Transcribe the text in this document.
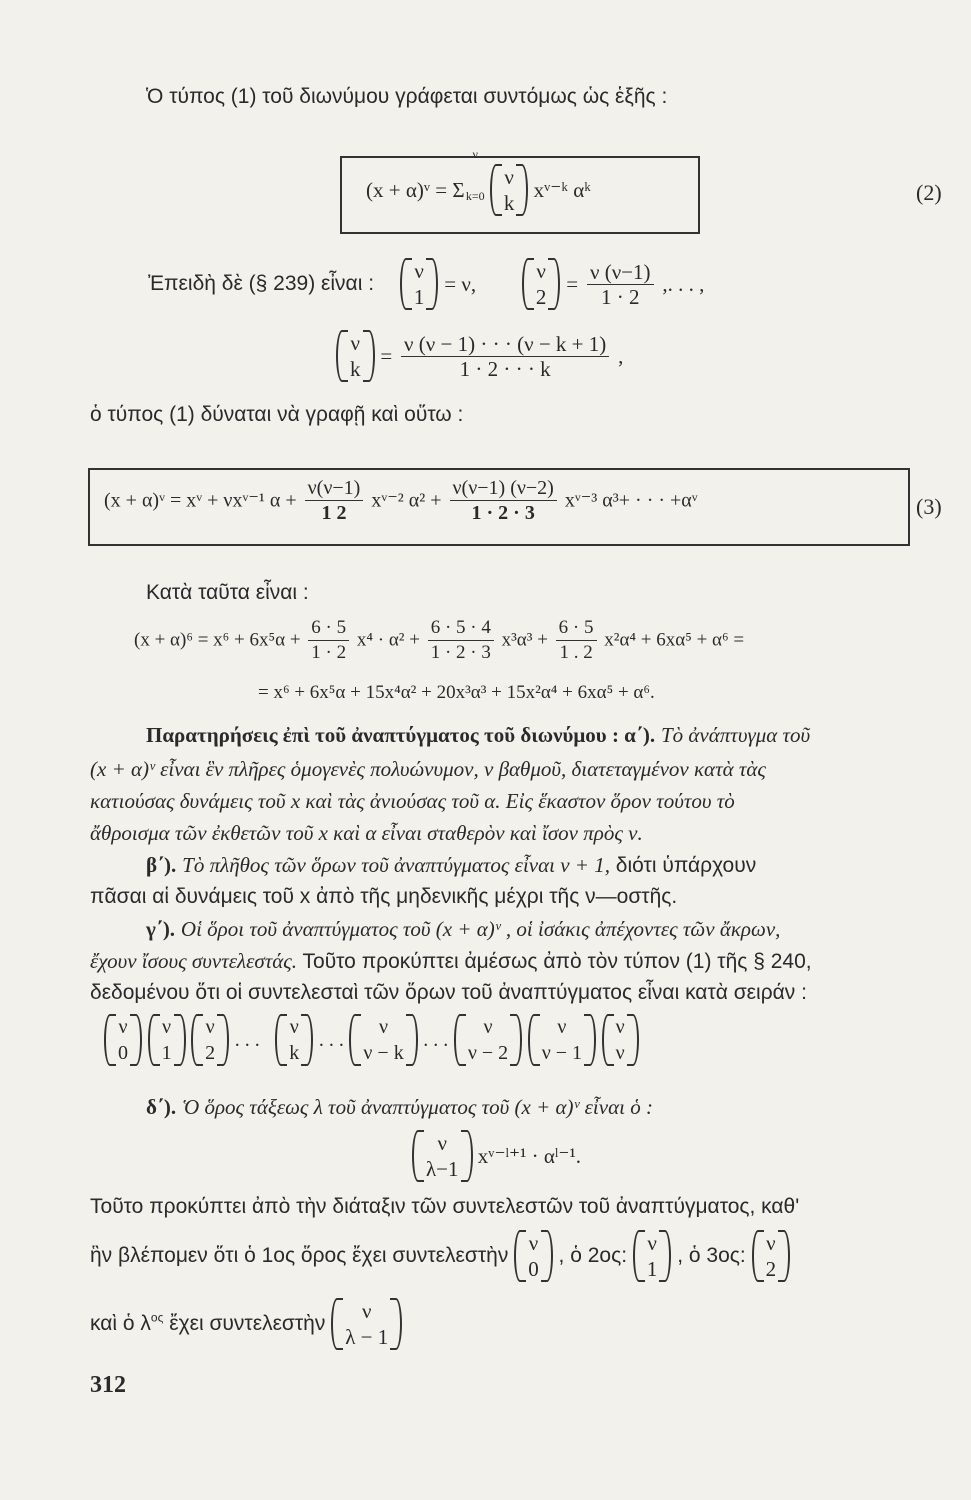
Ὁ τύπος (1) τοῦ διωνύμου γράφεται συντόμως ὡς ἑξῆς :
(x + α)ᵛ = Σ
ν
k=0

ν
k
xᵛ⁻ᵏ αᵏ	(2)
Ἐπειδὴ δὲ (§ 239) εἶναι :
ν
1
= ν,
ν
2
= $\frac{\nu (\nu-1)}{1 \cdot 2}$ ,. . . ,
ν
k
= $\frac{\nu (\nu - 1) \cdot \cdot \cdot (\nu - k + 1)}{1 \cdot 2 \cdot \cdot \cdot k}$ ,
ὁ τύπος (1) δύναται νὰ γραφῇ καὶ οὕτω :
(x + α)ᵛ = xᵛ + νxᵛ⁻¹ $\alpha + \frac{\nu(\nu-1)}{1 2}$ xᵛ⁻² $\alpha^2 + \frac{\nu(\nu-1) (\nu-2)}{1 \cdot 2 \cdot 3}$ xᵛ⁻³ α³+ · · · +αᵛ	(3)
Κατὰ ταῦτα εἶναι :
$(x + \alpha)^6 = x^6 + 6x^5\alpha + \frac{6 \cdot 5}{1 \cdot 2} x^4 \cdot \alpha^2 + \frac{6 \cdot 5 \cdot 4}{1 \cdot 2 \cdot 3} x^3\alpha^3 + \frac{6 \cdot 5}{1 . 2} x^2\alpha^4 + 6x\alpha^5 + \alpha^6$ =
= x⁶ + 6x⁵α + 15x⁴α² + 20x³α³ + 15x²α⁴ + 6xα⁵ + α⁶.
Παρατηρήσεις ἐπὶ τοῦ ἀναπτύγματος τοῦ διωνύμου : α΄). Τὸ ἀνάπτυγμα τοῦ
(x + α)ᵛ εἶναι ἓν πλῆρες ὁμογενὲς πολυώνυμον, ν βαθμοῦ, διατεταγμένον κατὰ τὰς
κατιούσας δυνάμεις τοῦ x καὶ τὰς ἀνιούσας τοῦ α. Εἰς ἕκαστον ὅρον τούτου τὸ
ἄθροισμα τῶν ἐκθετῶν τοῦ x καὶ α εἶναι σταθερὸν καὶ ἴσον πρὸς ν.
β΄). Τὸ πλῆθος τῶν ὅρων τοῦ ἀναπτύγματος εἶναι ν + 1, διότι ὑπάρχουν
πᾶσαι αἱ δυνάμεις τοῦ x ἀπὸ τῆς μηδενικῆς μέχρι τῆς ν—οστῆς.
γ΄). Οἱ ὅροι τοῦ ἀναπτύγματος τοῦ (x + α)ᵛ , οἱ ἰσάκις ἀπέχοντες τῶν ἄκρων,
ἔχουν ἴσους συντελεστάς. Τοῦτο προκύπτει ἀμέσως ἀπὸ τὸν τύπον (1) τῆς § 240,
δεδομένου ὅτι οἱ συντελεσταὶ τῶν ὅρων τοῦ ἀναπτύγματος εἶναι κατὰ σειράν :
ν
0

ν
1

ν
2
. . .
ν
k
. . .
ν
ν − k
. . .
ν
ν − 2

ν
ν − 1

ν
ν
δ΄). Ὁ ὅρος τάξεως λ τοῦ ἀναπτύγματος τοῦ (x + α)ᵛ εἶναι ὁ :
ν
λ−1
xᵛ⁻ˡ⁺¹ · αˡ⁻¹.
Τοῦτο προκύπτει ἀπὸ τὴν διάταξιν τῶν συντελεστῶν τοῦ ἀναπτύγματος, καθ'
ἣν βλέπομεν ὅτι ὁ 1ος ὅρος ἔχει συντελεστὴν
ν
0
, ὁ 2ος:
ν
1
, ὁ 3ος:
ν
2
καὶ ὁ $\lambda^{o\varsigma}$ ἔχει συντελεστὴν
ν
λ − 1
312
